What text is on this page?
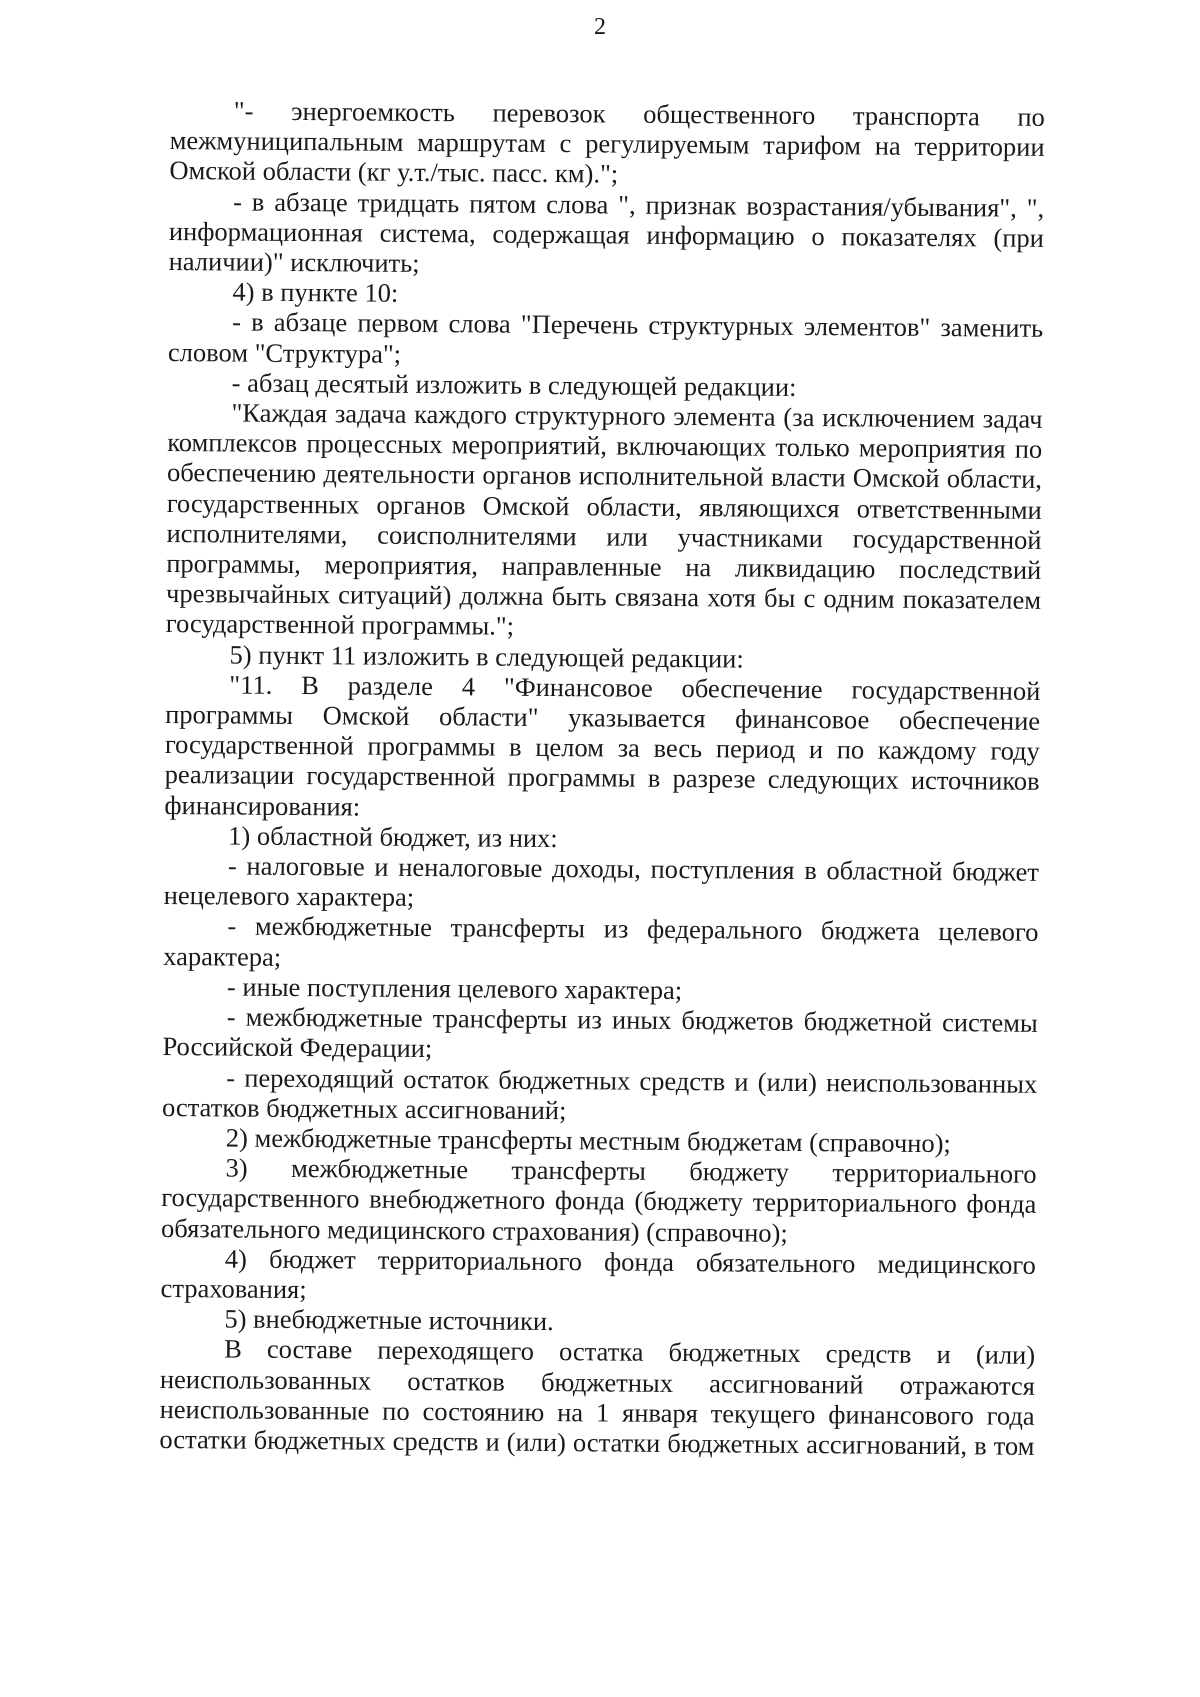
2

"- энергоемкость перевозок общественного транспорта по межмуниципальным маршрутам с регулируемым тарифом на территории Омской области (кг у.т./тыс. пасс. км).";

- в абзаце тридцать пятом слова ", признак возрастания/убывания", ", информационная система, содержащая информацию о показателях (при наличии)" исключить;

4) в пункте 10:

- в абзаце первом слова "Перечень структурных элементов" заменить словом "Структура";

- абзац десятый изложить в следующей редакции:

"Каждая задача каждого структурного элемента (за исключением задач комплексов процессных мероприятий, включающих только мероприятия по обеспечению деятельности органов исполнительной власти Омской области, государственных органов Омской области, являющихся ответственными исполнителями, соисполнителями или участниками государственной программы, мероприятия, направленные на ликвидацию последствий чрезвычайных ситуаций) должна быть связана хотя бы с одним показателем государственной программы.";

5) пункт 11 изложить в следующей редакции:

"11. В разделе 4 "Финансовое обеспечение государственной программы Омской области" указывается финансовое обеспечение государственной программы в целом за весь период и по каждому году реализации государственной программы в разрезе следующих источников финансирования:

1) областной бюджет, из них:

- налоговые и неналоговые доходы, поступления в областной бюджет нецелевого характера;

- межбюджетные трансферты из федерального бюджета целевого характера;

- иные поступления целевого характера;

- межбюджетные трансферты из иных бюджетов бюджетной системы Российской Федерации;

- переходящий остаток бюджетных средств и (или) неиспользованных остатков бюджетных ассигнований;

2) межбюджетные трансферты местным бюджетам (справочно);

3) межбюджетные трансферты бюджету территориального государственного внебюджетного фонда (бюджету территориального фонда обязательного медицинского страхования) (справочно);

4) бюджет территориального фонда обязательного медицинского страхования;

5) внебюджетные источники.

В составе переходящего остатка бюджетных средств и (или) неиспользованных остатков бюджетных ассигнований отражаются неиспользованные по состоянию на 1 января текущего финансового года остатки бюджетных средств и (или) остатки бюджетных ассигнований, в том
